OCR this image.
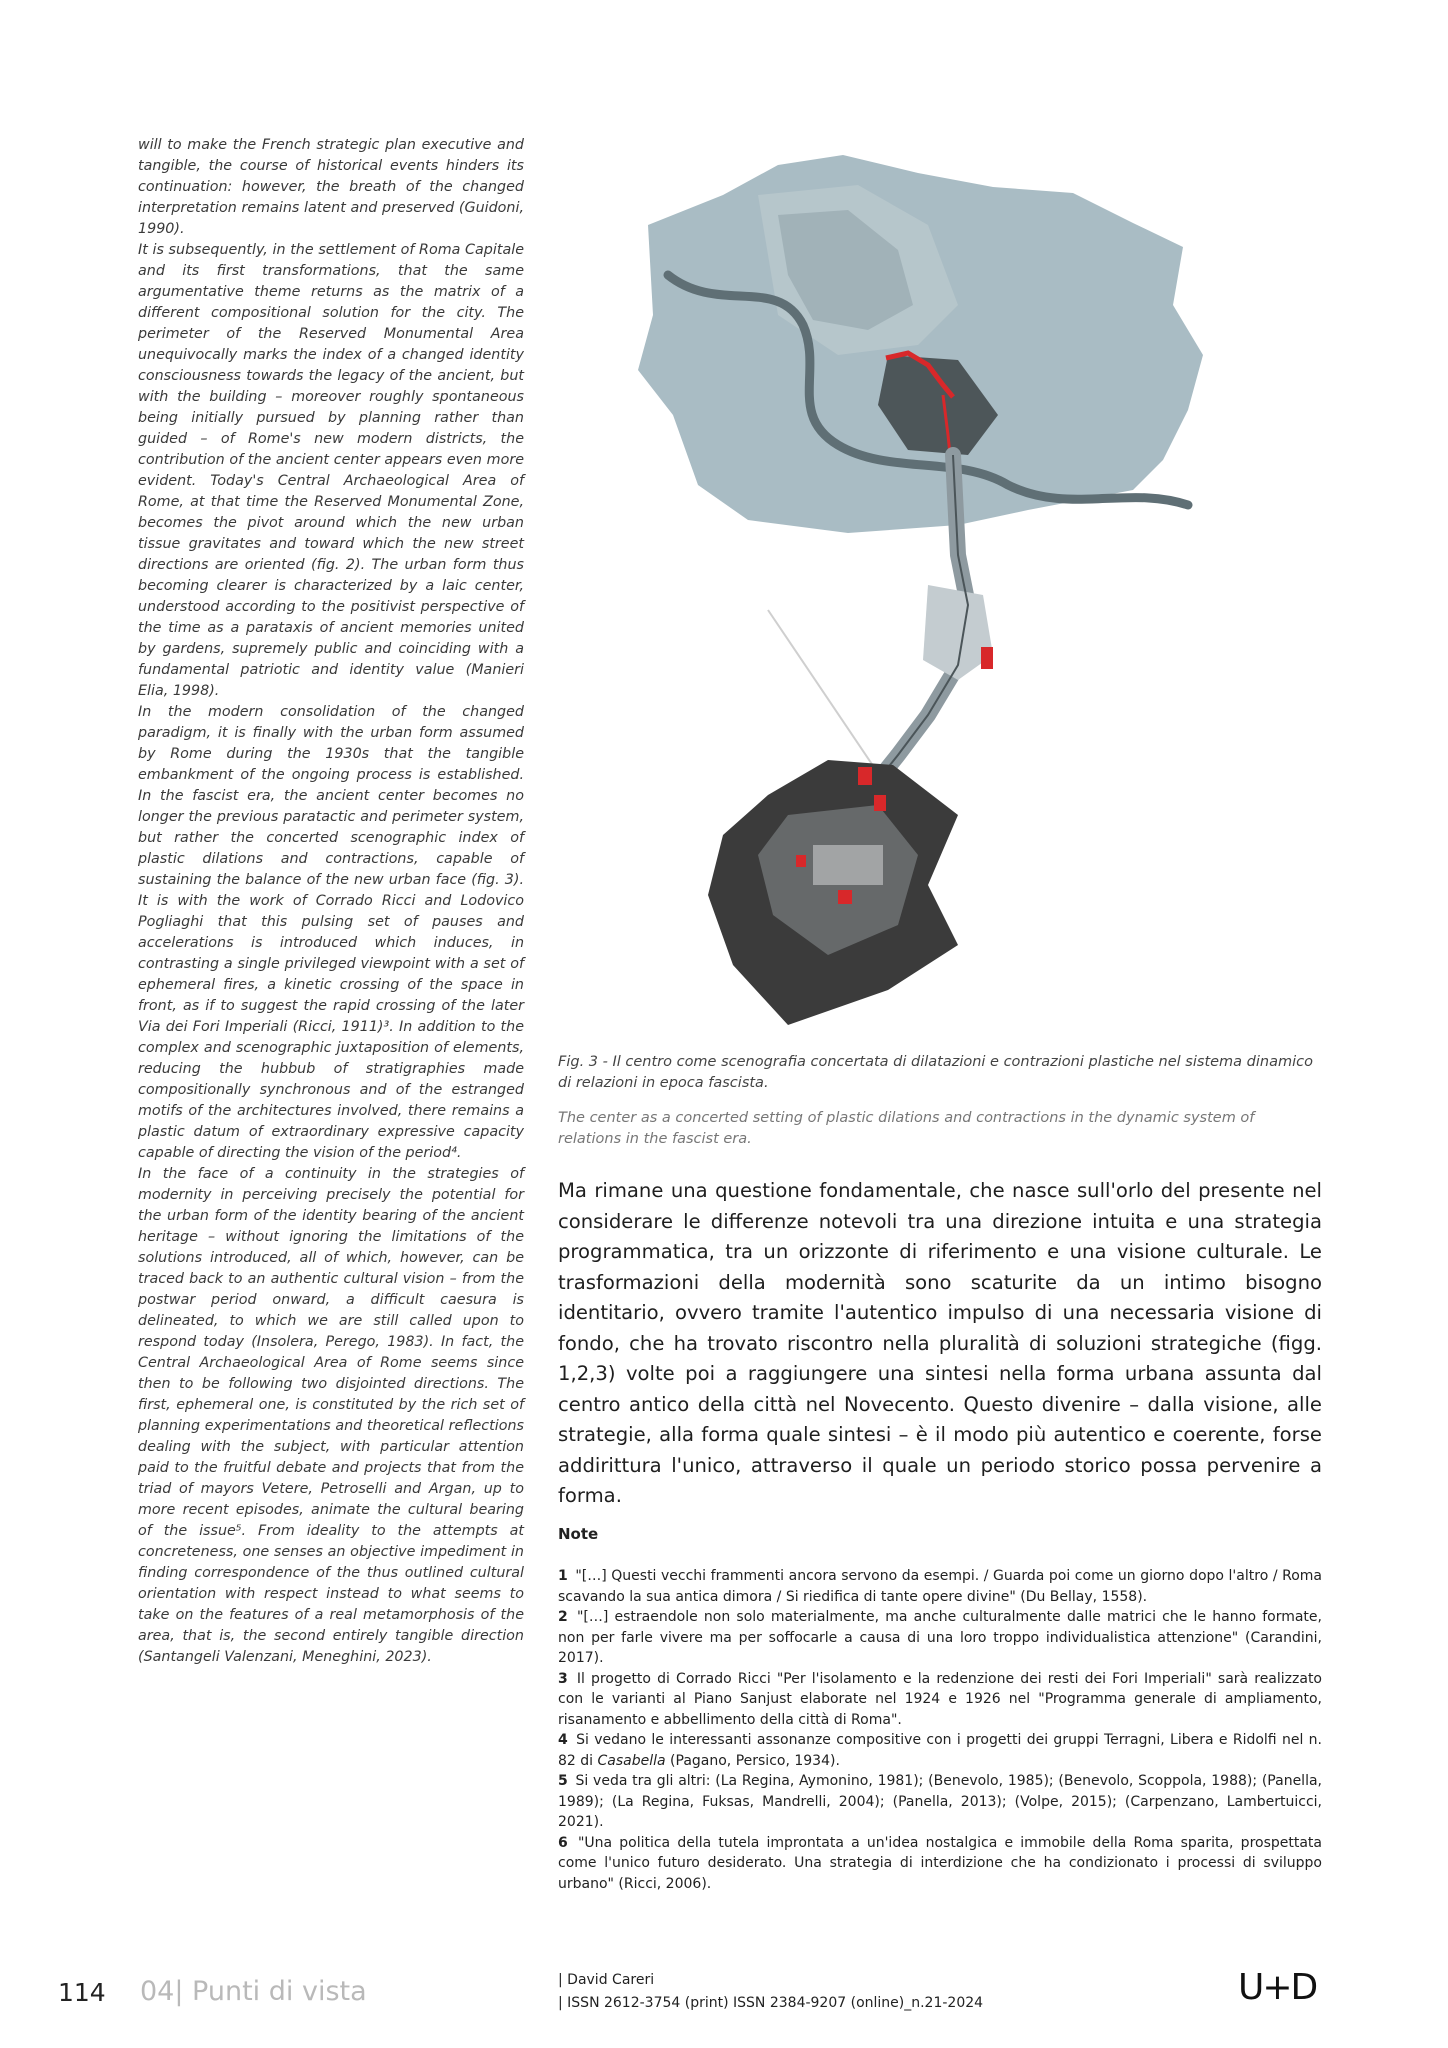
will to make the French strategic plan executive and tangible, the course of historical events hinders its continuation: however, the breath of the changed interpretation remains latent and preserved (Guidoni, 1990).

It is subsequently, in the settlement of Roma Capitale and its first transformations, that the same argumentative theme returns as the matrix of a different compositional solution for the city. The perimeter of the Reserved Monumental Area unequivocally marks the index of a changed identity consciousness towards the legacy of the ancient, but with the building – moreover roughly spontaneous being initially pursued by planning rather than guided – of Rome's new modern districts, the contribution of the ancient center appears even more evident. Today's Central Archaeological Area of Rome, at that time the Reserved Monumental Zone, becomes the pivot around which the new urban tissue gravitates and toward which the new street directions are oriented (fig. 2). The urban form thus becoming clearer is characterized by a laic center, understood according to the positivist perspective of the time as a parataxis of ancient memories united by gardens, supremely public and coinciding with a fundamental patriotic and identity value (Manieri Elia, 1998).

In the modern consolidation of the changed paradigm, it is finally with the urban form assumed by Rome during the 1930s that the tangible embankment of the ongoing process is established. In the fascist era, the ancient center becomes no longer the previous paratactic and perimeter system, but rather the concerted scenographic index of plastic dilations and contractions, capable of sustaining the balance of the new urban face (fig. 3). It is with the work of Corrado Ricci and Lodovico Pogliaghi that this pulsing set of pauses and accelerations is introduced which induces, in contrasting a single privileged viewpoint with a set of ephemeral fires, a kinetic crossing of the space in front, as if to suggest the rapid crossing of the later Via dei Fori Imperiali (Ricci, 1911)³. In addition to the complex and scenographic juxtaposition of elements, reducing the hubbub of stratigraphies made compositionally synchronous and of the estranged motifs of the architectures involved, there remains a plastic datum of extraordinary expressive capacity capable of directing the vision of the period⁴.

In the face of a continuity in the strategies of modernity in perceiving precisely the potential for the urban form of the identity bearing of the ancient heritage – without ignoring the limitations of the solutions introduced, all of which, however, can be traced back to an authentic cultural vision – from the postwar period onward, a difficult caesura is delineated, to which we are still called upon to respond today (Insolera, Perego, 1983). In fact, the Central Archaeological Area of Rome seems since then to be following two disjointed directions. The first, ephemeral one, is constituted by the rich set of planning experimentations and theoretical reflections dealing with the subject, with particular attention paid to the fruitful debate and projects that from the triad of mayors Vetere, Petroselli and Argan, up to more recent episodes, animate the cultural bearing of the issue⁵. From ideality to the attempts at concreteness, one senses an objective impediment in finding correspondence of the thus outlined cultural orientation with respect instead to what seems to take on the features of a real metamorphosis of the area, that is, the second entirely tangible direction (Santangeli Valenzani, Meneghini, 2023).

Fig. 3 - Il centro come scenografia concertata di dilatazioni e contrazioni plastiche nel sistema dinamico di relazioni in epoca fascista.
The center as a concerted setting of plastic dilations and contractions in the dynamic system of relations in the fascist era.

Ma rimane una questione fondamentale, che nasce sull'orlo del presente nel considerare le differenze notevoli tra una direzione intuita e una strategia programmatica, tra un orizzonte di riferimento e una visione culturale. Le trasformazioni della modernità sono scaturite da un intimo bisogno identitario, ovvero tramite l'autentico impulso di una necessaria visione di fondo, che ha trovato riscontro nella pluralità di soluzioni strategiche (figg. 1,2,3) volte poi a raggiungere una sintesi nella forma urbana assunta dal centro antico della città nel Novecento. Questo divenire – dalla visione, alle strategie, alla forma quale sintesi – è il modo più autentico e coerente, forse addirittura l'unico, attraverso il quale un periodo storico possa pervenire a forma.

Note

1 "[…] Questi vecchi frammenti ancora servono da esempi. / Guarda poi come un giorno dopo l'altro / Roma scavando la sua antica dimora / Si riedifica di tante opere divine" (Du Bellay, 1558).

2 "[…] estraendole non solo materialmente, ma anche culturalmente dalle matrici che le hanno formate, non per farle vivere ma per soffocarle a causa di una loro troppo individualistica attenzione" (Carandini, 2017).

3 Il progetto di Corrado Ricci "Per l'isolamento e la redenzione dei resti dei Fori Imperiali" sarà realizzato con le varianti al Piano Sanjust elaborate nel 1924 e 1926 nel "Programma generale di ampliamento, risanamento e abbellimento della città di Roma".

4 Si vedano le interessanti assonanze compositive con i progetti dei gruppi Terragni, Libera e Ridolfi nel n. 82 di Casabella (Pagano, Persico, 1934).

5 Si veda tra gli altri: (La Regina, Aymonino, 1981); (Benevolo, 1985); (Benevolo, Scoppola, 1988); (Panella, 1989); (La Regina, Fuksas, Mandrelli, 2004); (Panella, 2013); (Volpe, 2015); (Carpenzano, Lambertuicci, 2021).

6 "Una politica della tutela improntata a un'idea nostalgica e immobile della Roma sparita, prospettata come l'unico futuro desiderato. Una strategia di interdizione che ha condizionato i processi di sviluppo urbano" (Ricci, 2006).

114 04| Punti di vista	| David Careri
| ISSN 2612-3754 (print) ISSN 2384-9207 (online)_n.21-2024	U+D
